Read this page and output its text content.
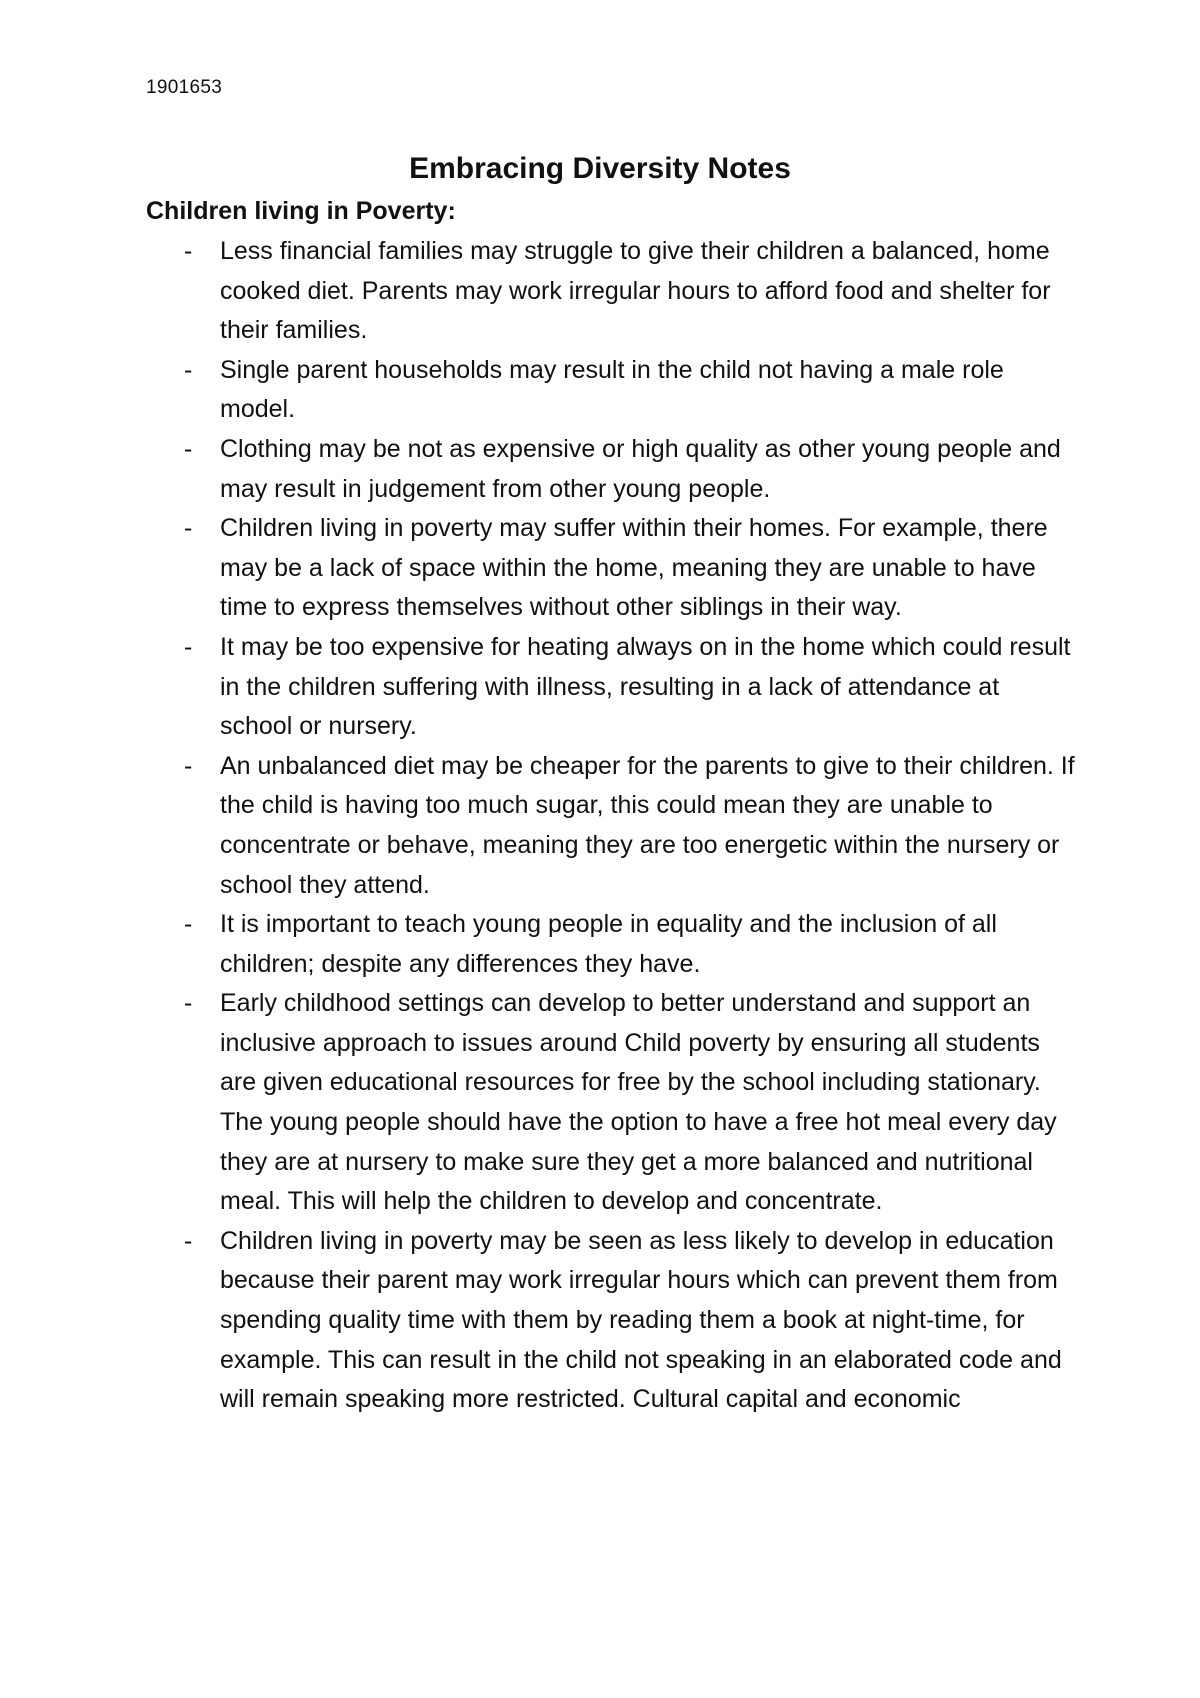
1901653
Embracing Diversity Notes
Children living in Poverty:
- Less financial families may struggle to give their children a balanced, home cooked diet. Parents may work irregular hours to afford food and shelter for their families.
- Single parent households may result in the child not having a male role model.
- Clothing may be not as expensive or high quality as other young people and may result in judgement from other young people.
- Children living in poverty may suffer within their homes. For example, there may be a lack of space within the home, meaning they are unable to have time to express themselves without other siblings in their way.
- It may be too expensive for heating always on in the home which could result in the children suffering with illness, resulting in a lack of attendance at school or nursery.
- An unbalanced diet may be cheaper for the parents to give to their children. If the child is having too much sugar, this could mean they are unable to concentrate or behave, meaning they are too energetic within the nursery or school they attend.
- It is important to teach young people in equality and the inclusion of all children; despite any differences they have.
- Early childhood settings can develop to better understand and support an inclusive approach to issues around Child poverty by ensuring all students are given educational resources for free by the school including stationary. The young people should have the option to have a free hot meal every day they are at nursery to make sure they get a more balanced and nutritional meal. This will help the children to develop and concentrate.
- Children living in poverty may be seen as less likely to develop in education because their parent may work irregular hours which can prevent them from spending quality time with them by reading them a book at night-time, for example. This can result in the child not speaking in an elaborated code and will remain speaking more restricted. Cultural capital and economic
